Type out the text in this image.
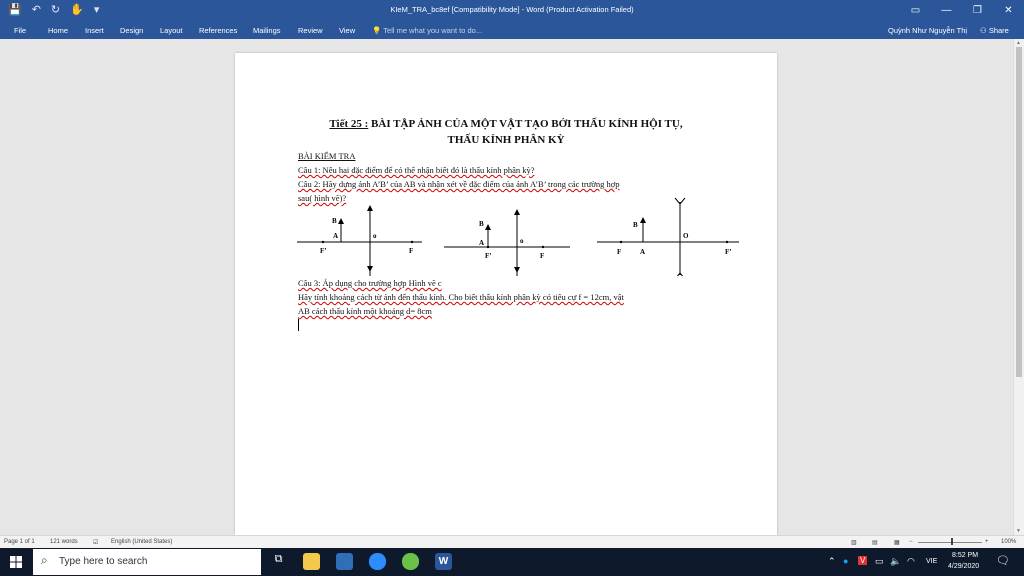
💾 ↶ ↻ ✋ ▾	KIeM_TRA_bc8ef [Compatibility Mode] - Word (Product Activation Failed)	▭	—	❐	✕
File	Home Insert Design Layout References Mailings Review View 💡 Tell me what you want to do...	Quỳnh Như Nguyễn Thị ⚇ Share
▲
▼
Tiết 25 : BÀI TẬP ẢNH CỦA MỘT VẬT TẠO BỞI THẤU KÍNH HỘI TỤ,
THẤU KÍNH PHÂN KỲ
BÀI KIỂM TRA
Câu 1: Nêu hai đặc điểm để có thể nhận biết đó là thấu kính phân kỳ?
Câu 2: Hãy dựng ảnh A’B’ của AB và nhận xét về đặc điểm của ảnh A’B’ trong các trường hợp
sau( hình vẽ)?
B
A	o
F’	F
B
A	o
F’	F
B
A
O
F	F’
Câu 3: Áp dụng cho trường hợp Hình vẽ c
Hãy tính khoảng cách từ ảnh đến thấu kính. Cho biết thấu kính phân kỳ có tiêu cự f = 12cm, vật
AB cách thấu kính một khoảng d= 8cm
Page 1 of 1	121 words	☑ English (United States)	▥	▤	▦ −	+ 100%
⌕ Type here to search	⧉	W	⌃ ● V ▭ 🔈 ◠ VIE
8:52 PM
4/29/2020 🗨
